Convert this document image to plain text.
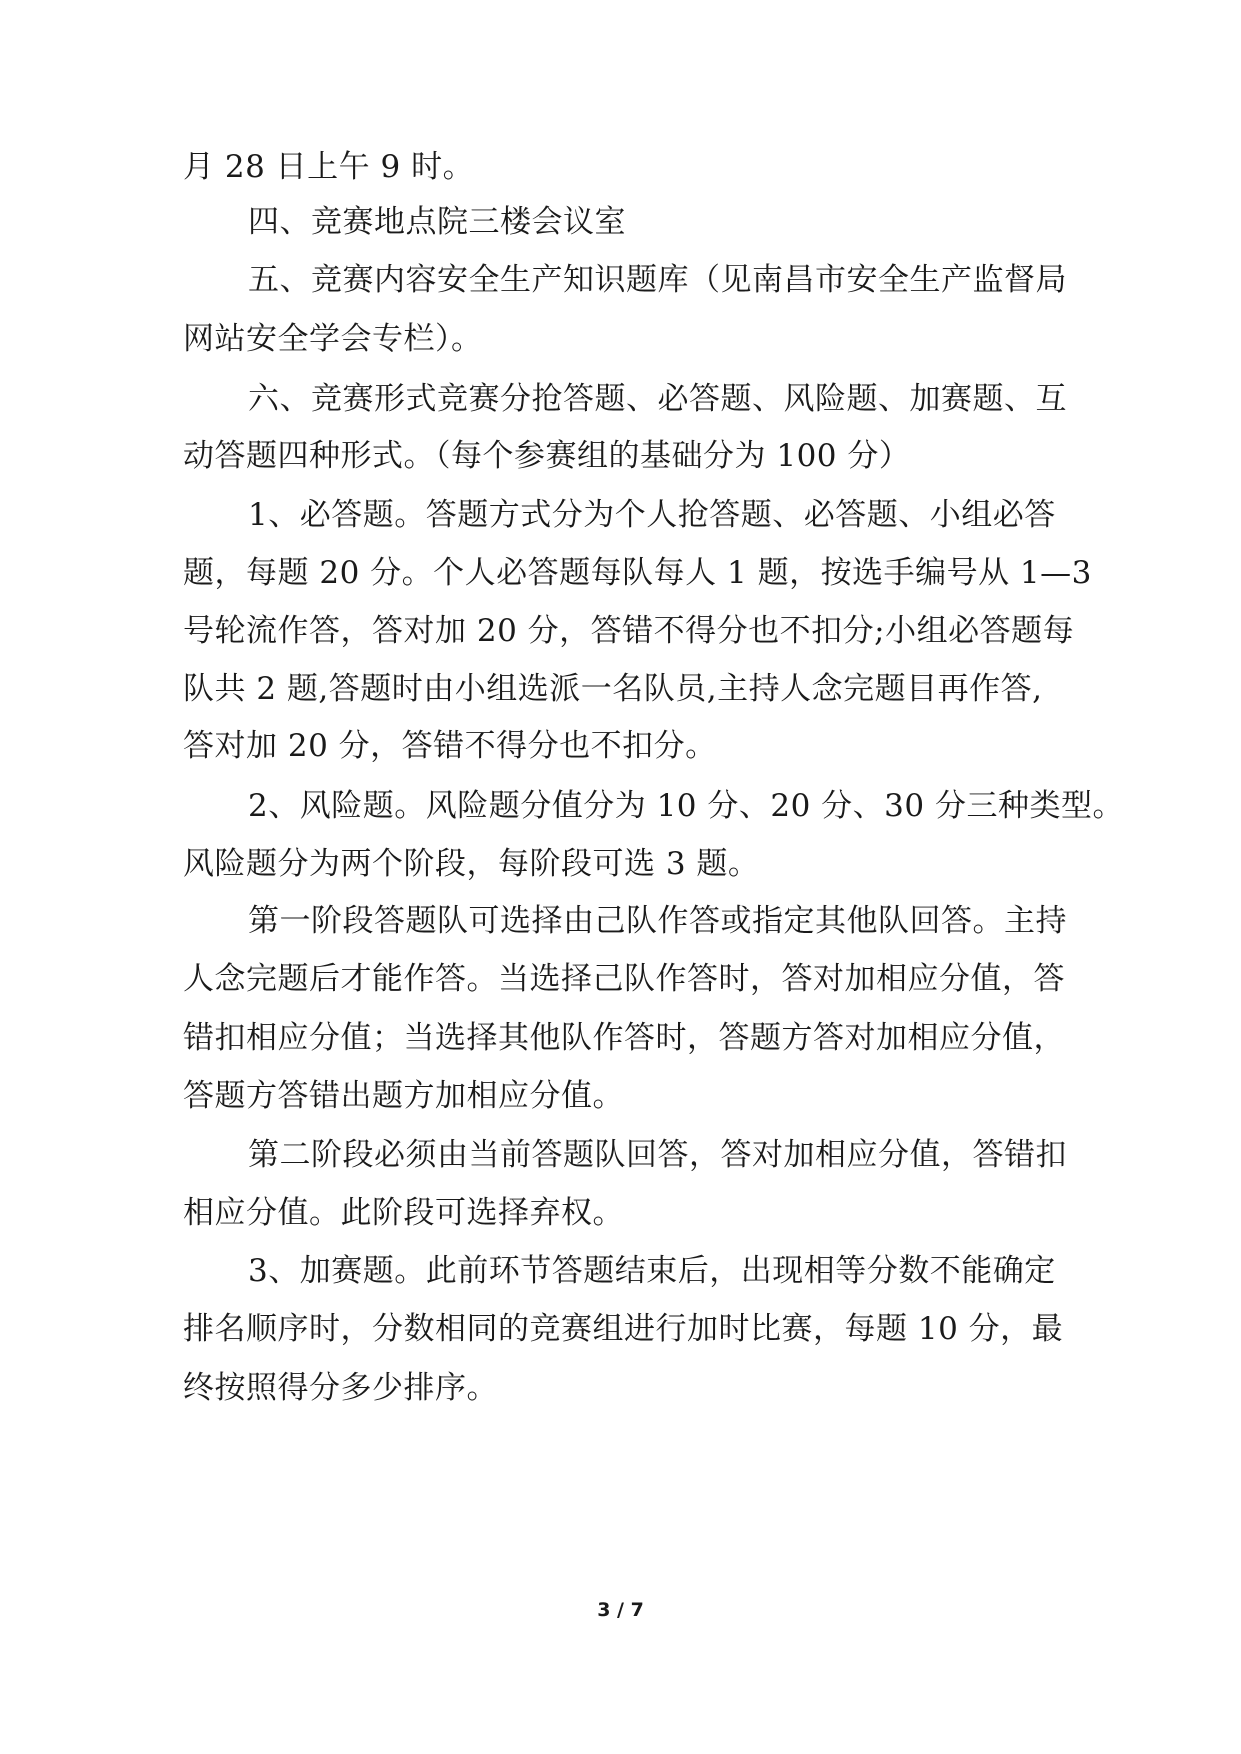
月 28 日上午 9 时。
四、竞赛地点院三楼会议室
五、竞赛内容安全生产知识题库（见南昌市安全生产监督局
网站安全学会专栏）。
六、竞赛形式竞赛分抢答题、必答题、风险题、加赛题、互
动答题四种形式。（每个参赛组的基础分为 100 分）
1、必答题。答题方式分为个人抢答题、必答题、小组必答
题，每题 20 分。个人必答题每队每人 1 题，按选手编号从 1—3
号轮流作答，答对加 20 分，答错不得分也不扣分;小组必答题每
队共 2 题,答题时由小组选派一名队员,主持人念完题目再作答,
答对加 20 分，答错不得分也不扣分。
2、风险题。风险题分值分为 10 分、20 分、30 分三种类型。
风险题分为两个阶段，每阶段可选 3 题。
第一阶段答题队可选择由己队作答或指定其他队回答。主持
人念完题后才能作答。当选择己队作答时，答对加相应分值，答
错扣相应分值；当选择其他队作答时，答题方答对加相应分值，
答题方答错出题方加相应分值。
第二阶段必须由当前答题队回答，答对加相应分值，答错扣
相应分值。此阶段可选择弃权。
3、加赛题。此前环节答题结束后，出现相等分数不能确定
排名顺序时，分数相同的竞赛组进行加时比赛，每题 10 分，最
终按照得分多少排序。
3 / 7
